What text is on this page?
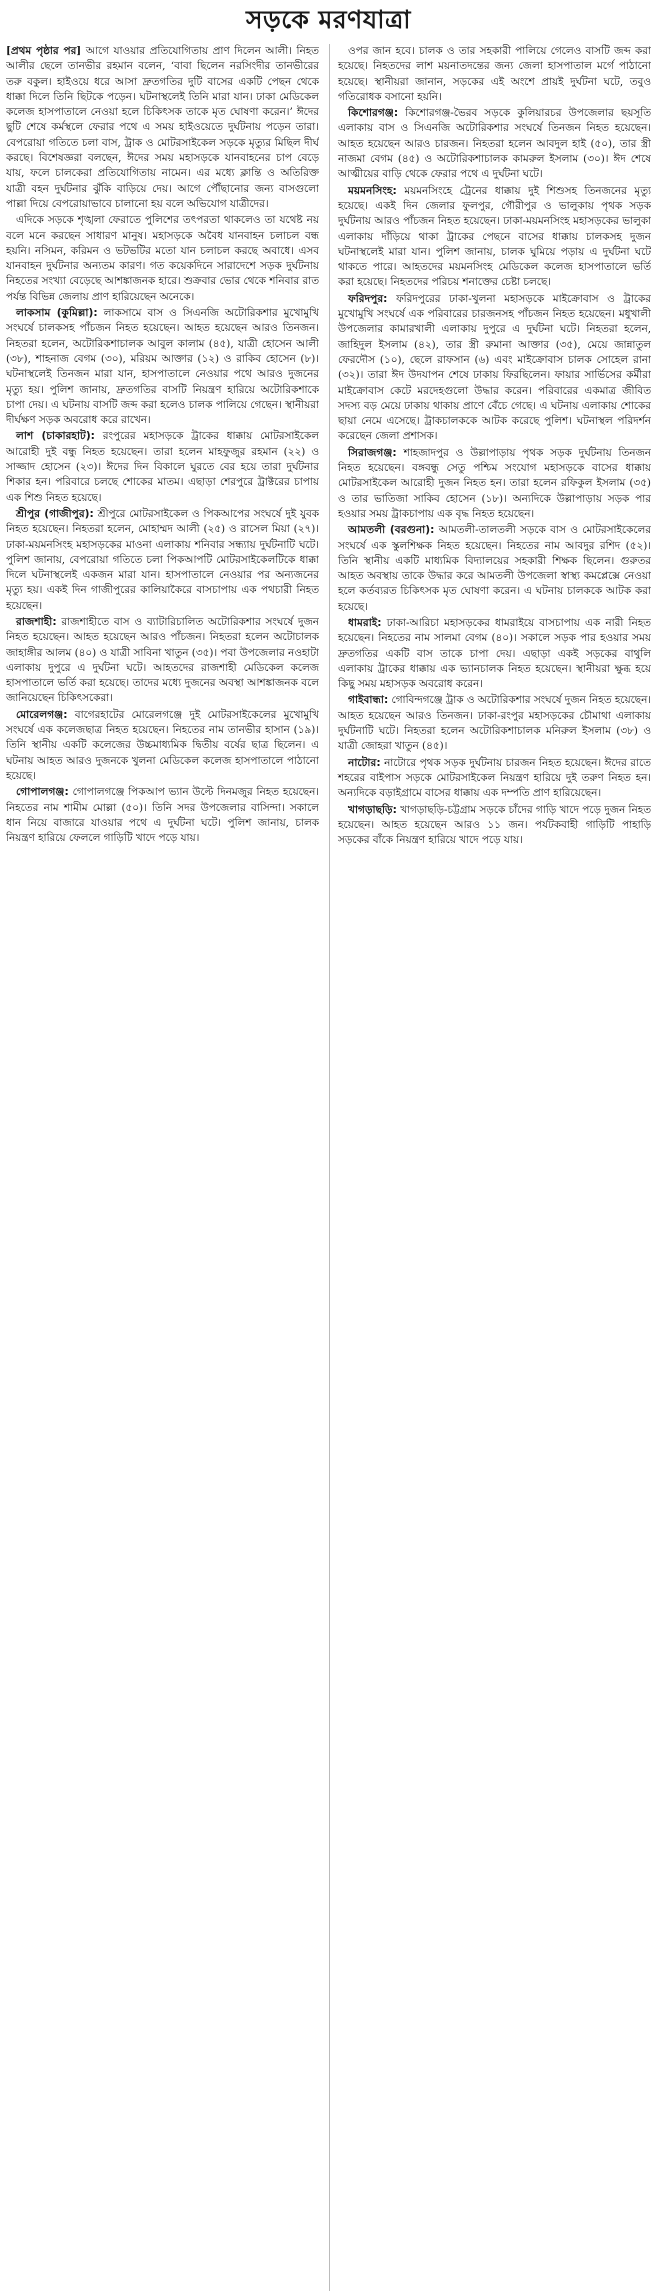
সড়কে মরণযাত্রা

[প্রথম পৃষ্ঠার পর] আগে যাওয়ার প্রতিযোগিতায় প্রাণ দিলেন আলী। নিহত আলীর ছেলে তানভীর রহমান বলেন, ‘বাবা ছিলেন নরসিংদীর তানভীরের তরু বকুল। হাইওয়ে ধরে আসা দ্রুতগতির দুটি বাসের একটি পেছন থেকে ধাক্কা দিলে তিনি ছিটকে পড়েন। ঘটনাস্থলেই তিনি মারা যান। ঢাকা মেডিকেল কলেজ হাসপাতালে নেওয়া হলে চিকিৎসক তাকে মৃত ঘোষণা করেন।’ ঈদের ছুটি শেষে কর্মস্থলে ফেরার পথে এ সময় হাইওয়েতে দুর্ঘটনায় পড়েন তারা। বেপরোয়া গতিতে চলা বাস, ট্রাক ও মোটরসাইকেল সড়কে মৃত্যুর মিছিল দীর্ঘ করছে। বিশেষজ্ঞরা বলছেন, ঈদের সময় মহাসড়কে যানবাহনের চাপ বেড়ে যায়, ফলে চালকেরা প্রতিযোগিতায় নামেন। এর মধ্যে ক্লান্তি ও অতিরিক্ত যাত্রী বহন দুর্ঘটনার ঝুঁকি বাড়িয়ে দেয়। আগে পৌঁছানোর জন্য বাসগুলো পাল্লা দিয়ে বেপরোয়াভাবে চালানো হয় বলে অভিযোগ যাত্রীদের।

এদিকে সড়কে শৃঙ্খলা ফেরাতে পুলিশের তৎপরতা থাকলেও তা যথেষ্ট নয় বলে মনে করছেন সাধারণ মানুষ। মহাসড়কে অবৈধ যানবাহন চলাচল বন্ধ হয়নি। নসিমন, করিমন ও ভটভটির মতো যান চলাচল করছে অবাধে। এসব যানবাহন দুর্ঘটনার অন্যতম কারণ। গত কয়েকদিনে সারাদেশে সড়ক দুর্ঘটনায় নিহতের সংখ্যা বেড়েছে আশঙ্কাজনক হারে। শুক্রবার ভোর থেকে শনিবার রাত পর্যন্ত বিভিন্ন জেলায় প্রাণ হারিয়েছেন অনেকে।

লাকসাম (কুমিল্লা): লাকসামে বাস ও সিএনজি অটোরিকশার মুখোমুখি সংঘর্ষে চালকসহ পাঁচজন নিহত হয়েছেন। আহত হয়েছেন আরও তিনজন। নিহতরা হলেন, অটোরিকশাচালক আবুল কালাম (৪৫), যাত্রী হোসেন আলী (৩৮), শাহনাজ বেগম (৩০), মরিয়ম আক্তার (১২) ও রাকিব হোসেন (৮)। ঘটনাস্থলেই তিনজন মারা যান, হাসপাতালে নেওয়ার পথে আরও দুজনের মৃত্যু হয়। পুলিশ জানায়, দ্রুতগতির বাসটি নিয়ন্ত্রণ হারিয়ে অটোরিকশাকে চাপা দেয়। এ ঘটনায় বাসটি জব্দ করা হলেও চালক পালিয়ে গেছেন। স্থানীয়রা দীর্ঘক্ষণ সড়ক অবরোধ করে রাখেন।

লাশ (চাকারহাট): রংপুরের মহাসড়কে ট্রাকের ধাক্কায় মোটরসাইকেল আরোহী দুই বন্ধু নিহত হয়েছেন। তারা হলেন মাহফুজুর রহমান (২২) ও সাজ্জাদ হোসেন (২৩)। ঈদের দিন বিকালে ঘুরতে বের হয়ে তারা দুর্ঘটনার শিকার হন। পরিবারে চলছে শোকের মাতম। এছাড়া শেরপুরে ট্রাক্টরের চাপায় এক শিশু নিহত হয়েছে।

শ্রীপুর (গাজীপুর): শ্রীপুরে মোটরসাইকেল ও পিকআপের সংঘর্ষে দুই যুবক নিহত হয়েছেন। নিহতরা হলেন, মোহাম্মদ আলী (২৫) ও রাসেল মিয়া (২৭)। ঢাকা-ময়মনসিংহ মহাসড়কের মাওনা এলাকায় শনিবার সন্ধ্যায় দুর্ঘটনাটি ঘটে। পুলিশ জানায়, বেপরোয়া গতিতে চলা পিকআপটি মোটরসাইকেলটিকে ধাক্কা দিলে ঘটনাস্থলেই একজন মারা যান। হাসপাতালে নেওয়ার পর অন্যজনের মৃত্যু হয়। একই দিন গাজীপুরের কালিয়াকৈরে বাসচাপায় এক পথচারী নিহত হয়েছেন।

রাজশাহী: রাজশাহীতে বাস ও ব্যাটারিচালিত অটোরিকশার সংঘর্ষে দুজন নিহত হয়েছেন। আহত হয়েছেন আরও পাঁচজন। নিহতরা হলেন অটোচালক জাহাঙ্গীর আলম (৪০) ও যাত্রী সাবিনা খাতুন (৩৫)। পবা উপজেলার নওহাটা এলাকায় দুপুরে এ দুর্ঘটনা ঘটে। আহতদের রাজশাহী মেডিকেল কলেজ হাসপাতালে ভর্তি করা হয়েছে। তাদের মধ্যে দুজনের অবস্থা আশঙ্কাজনক বলে জানিয়েছেন চিকিৎসকেরা।

মোরেলগঞ্জ: বাগেরহাটের মোরেলগঞ্জে দুই মোটরসাইকেলের মুখোমুখি সংঘর্ষে এক কলেজছাত্র নিহত হয়েছেন। নিহতের নাম তানভীর হাসান (১৯)। তিনি স্থানীয় একটি কলেজের উচ্চমাধ্যমিক দ্বিতীয় বর্ষের ছাত্র ছিলেন। এ ঘটনায় আহত আরও দুজনকে খুলনা মেডিকেল কলেজ হাসপাতালে পাঠানো হয়েছে।

গোপালগঞ্জ: গোপালগঞ্জে পিকআপ ভ্যান উল্টে দিনমজুর নিহত হয়েছেন। নিহতের নাম শামীম মোল্লা (৫০)। তিনি সদর উপজেলার বাসিন্দা। সকালে ধান নিয়ে বাজারে যাওয়ার পথে এ দুর্ঘটনা ঘটে। পুলিশ জানায়, চালক নিয়ন্ত্রণ হারিয়ে ফেললে গাড়িটি খাদে পড়ে যায়।

ওপর জান হবে। চালক ও তার সহকারী পালিয়ে গেলেও বাসটি জব্দ করা হয়েছে। নিহতদের লাশ ময়নাতদন্তের জন্য জেলা হাসপাতাল মর্গে পাঠানো হয়েছে। স্থানীয়রা জানান, সড়কের এই অংশে প্রায়ই দুর্ঘটনা ঘটে, তবুও গতিরোধক বসানো হয়নি।

কিশোরগঞ্জ: কিশোরগঞ্জ-ভৈরব সড়কে কুলিয়ারচর উপজেলার ছয়সূতি এলাকায় বাস ও সিএনজি অটোরিকশার সংঘর্ষে তিনজন নিহত হয়েছেন। আহত হয়েছেন আরও চারজন। নিহতরা হলেন আবদুল হাই (৫০), তার স্ত্রী নাজমা বেগম (৪৫) ও অটোরিকশাচালক কামরুল ইসলাম (৩০)। ঈদ শেষে আত্মীয়ের বাড়ি থেকে ফেরার পথে এ দুর্ঘটনা ঘটে।

ময়মনসিংহ: ময়মনসিংহে ট্রেনের ধাক্কায় দুই শিশুসহ তিনজনের মৃত্যু হয়েছে। একই দিন জেলার ফুলপুর, গৌরীপুর ও ভালুকায় পৃথক সড়ক দুর্ঘটনায় আরও পাঁচজন নিহত হয়েছেন। ঢাকা-ময়মনসিংহ মহাসড়কের ভালুকা এলাকায় দাঁড়িয়ে থাকা ট্রাকের পেছনে বাসের ধাক্কায় চালকসহ দুজন ঘটনাস্থলেই মারা যান। পুলিশ জানায়, চালক ঘুমিয়ে পড়ায় এ দুর্ঘটনা ঘটে থাকতে পারে। আহতদের ময়মনসিংহ মেডিকেল কলেজ হাসপাতালে ভর্তি করা হয়েছে। নিহতদের পরিচয় শনাক্তের চেষ্টা চলছে।

ফরিদপুর: ফরিদপুরের ঢাকা-খুলনা মহাসড়কে মাইক্রোবাস ও ট্রাকের মুখোমুখি সংঘর্ষে এক পরিবারের চারজনসহ পাঁচজন নিহত হয়েছেন। মধুখালী উপজেলার কামারখালী এলাকায় দুপুরে এ দুর্ঘটনা ঘটে। নিহতরা হলেন, জাহিদুল ইসলাম (৪২), তার স্ত্রী রুমানা আক্তার (৩৫), মেয়ে জান্নাতুল ফেরদৌস (১০), ছেলে রাফসান (৬) এবং মাইক্রোবাস চালক সোহেল রানা (৩২)। তারা ঈদ উদযাপন শেষে ঢাকায় ফিরছিলেন। ফায়ার সার্ভিসের কর্মীরা মাইক্রোবাস কেটে মরদেহগুলো উদ্ধার করেন। পরিবারের একমাত্র জীবিত সদস্য বড় মেয়ে ঢাকায় থাকায় প্রাণে বেঁচে গেছে। এ ঘটনায় এলাকায় শোকের ছায়া নেমে এসেছে। ট্রাকচালককে আটক করেছে পুলিশ। ঘটনাস্থল পরিদর্শন করেছেন জেলা প্রশাসক।

সিরাজগঞ্জ: শাহজাদপুর ও উল্লাপাড়ায় পৃথক সড়ক দুর্ঘটনায় তিনজন নিহত হয়েছেন। বঙ্গবন্ধু সেতু পশ্চিম সংযোগ মহাসড়কে বাসের ধাক্কায় মোটরসাইকেল আরোহী দুজন নিহত হন। তারা হলেন রফিকুল ইসলাম (৩৫) ও তার ভাতিজা সাকিব হোসেন (১৮)। অন্যদিকে উল্লাপাড়ায় সড়ক পার হওয়ার সময় ট্রাকচাপায় এক বৃদ্ধ নিহত হয়েছেন।

আমতলী (বরগুনা): আমতলী-তালতলী সড়কে বাস ও মোটরসাইকেলের সংঘর্ষে এক স্কুলশিক্ষক নিহত হয়েছেন। নিহতের নাম আবদুর রশিদ (৫২)। তিনি স্থানীয় একটি মাধ্যমিক বিদ্যালয়ের সহকারী শিক্ষক ছিলেন। গুরুতর আহত অবস্থায় তাকে উদ্ধার করে আমতলী উপজেলা স্বাস্থ্য কমপ্লেক্সে নেওয়া হলে কর্তব্যরত চিকিৎসক মৃত ঘোষণা করেন। এ ঘটনায় চালককে আটক করা হয়েছে।

ধামরাই: ঢাকা-আরিচা মহাসড়কের ধামরাইয়ে বাসচাপায় এক নারী নিহত হয়েছেন। নিহতের নাম সালমা বেগম (৪০)। সকালে সড়ক পার হওয়ার সময় দ্রুতগতির একটি বাস তাকে চাপা দেয়। এছাড়া একই সড়কের বাথুলি এলাকায় ট্রাকের ধাক্কায় এক ভ্যানচালক নিহত হয়েছেন। স্থানীয়রা ক্ষুব্ধ হয়ে কিছু সময় মহাসড়ক অবরোধ করেন।

গাইবান্ধা: গোবিন্দগঞ্জে ট্রাক ও অটোরিকশার সংঘর্ষে দুজন নিহত হয়েছেন। আহত হয়েছেন আরও তিনজন। ঢাকা-রংপুর মহাসড়কের চৌমাথা এলাকায় দুর্ঘটনাটি ঘটে। নিহতরা হলেন অটোরিকশাচালক মনিরুল ইসলাম (৩৮) ও যাত্রী জোহরা খাতুন (৪৫)।

নাটোর: নাটোরে পৃথক সড়ক দুর্ঘটনায় চারজন নিহত হয়েছেন। ঈদের রাতে শহরের বাইপাস সড়কে মোটরসাইকেল নিয়ন্ত্রণ হারিয়ে দুই তরুণ নিহত হন। অন্যদিকে বড়াইগ্রামে বাসের ধাক্কায় এক দম্পতি প্রাণ হারিয়েছেন।

খাগড়াছড়ি: খাগড়াছড়ি-চট্টগ্রাম সড়কে চাঁদের গাড়ি খাদে পড়ে দুজন নিহত হয়েছেন। আহত হয়েছেন আরও ১১ জন। পর্যটকবাহী গাড়িটি পাহাড়ি সড়কের বাঁকে নিয়ন্ত্রণ হারিয়ে খাদে পড়ে যায়।
